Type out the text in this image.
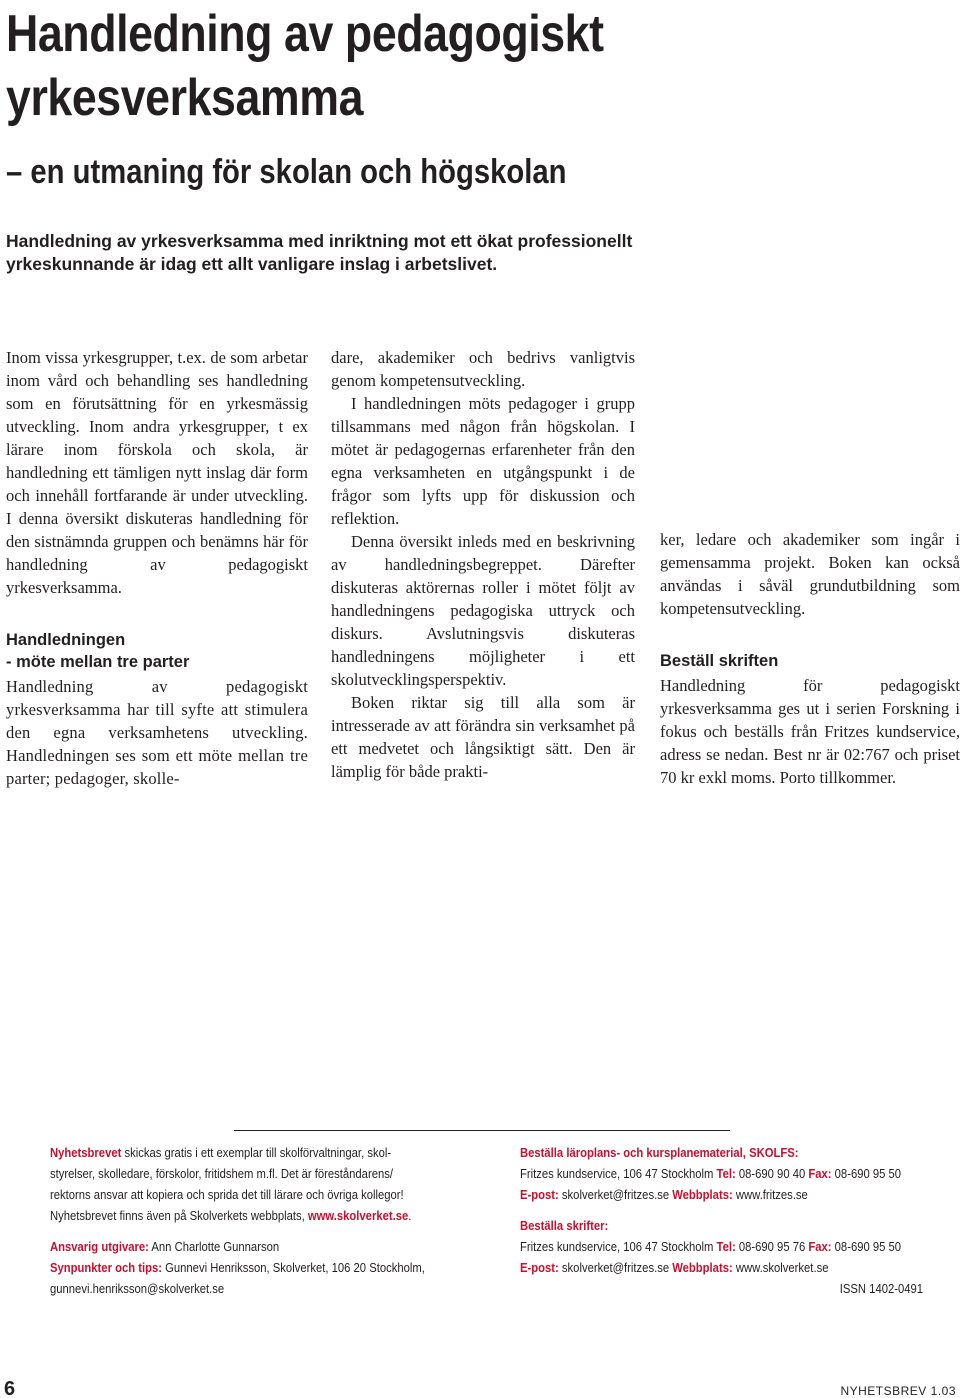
Handledning av pedagogiskt
yrkesverksamma
– en utmaning för skolan och högskolan
Handledning av yrkesverksamma med inriktning mot ett ökat professionellt yrkeskunnande är idag ett allt vanligare inslag i arbetslivet.

Inom vissa yrkesgrupper, t.ex. de som arbetar inom vård och behandling ses handledning som en förutsättning för en yrkesmässig utveckling. Inom andra yrkesgrupper, t ex lärare inom förskola och skola, är handledning ett tämligen nytt inslag där form och innehåll fortfarande är under utveckling. I denna översikt diskuteras handledning för den sistnämnda gruppen och benämns här för handledning av pedagogiskt yrkesverksamma.

Handledningen
- möte mellan tre parter

Handledning av pedagogiskt yrkesverksamma har till syfte att stimulera den egna verksamhetens utveckling. Handledningen ses som ett möte mellan tre parter; pedagoger, skolle-

dare, akademiker och bedrivs vanligtvis genom kompetensutveckling.

I handledningen möts pedagoger i grupp tillsammans med någon från högskolan. I mötet är pedagogernas erfarenheter från den egna verksamheten en utgångspunkt i de frågor som lyfts upp för diskussion och reflektion.

Denna översikt inleds med en beskrivning av handledningsbegreppet. Därefter diskuteras aktörernas roller i mötet följt av handledningens pedagogiska uttryck och diskurs. Avslutningsvis diskuteras handledningens möjligheter i ett skolutvecklingsperspektiv.

Boken riktar sig till alla som är intresserade av att förändra sin verksamhet på ett medvetet och långsiktigt sätt. Den är lämplig för både prakti-

ker, ledare och akademiker som ingår i gemensamma projekt. Boken kan också användas i såväl grundutbildning som kompetensutveckling.

Beställ skriften

Handledning för pedagogiskt yrkesverksamma ges ut i serien Forskning i fokus och beställs från Fritzes kundservice, adress se nedan. Best nr är 02:767 och priset 70 kr exkl moms. Porto tillkommer.

Nyhetsbrevet skickas gratis i ett exemplar till skolförvaltningar, skol-
styrelser, skolledare, förskolor, fritidshem m.fl. Det är föreståndarens/
rektorns ansvar att kopiera och sprida det till lärare och övriga kollegor!
Nyhetsbrevet finns även på Skolverkets webbplats, www.skolverket.se.
Ansvarig utgivare: Ann Charlotte Gunnarson
Synpunkter och tips: Gunnevi Henriksson, Skolverket, 106 20 Stockholm,
gunnevi.henriksson@skolverket.se
Beställa läroplans- och kursplanematerial, SKOLFS:
Fritzes kundservice, 106 47 Stockholm Tel: 08-690 90 40 Fax: 08-690 95 50
E-post: skolverket@fritzes.se Webbplats: www.fritzes.se
Beställa skrifter:
Fritzes kundservice, 106 47 Stockholm Tel: 08-690 95 76 Fax: 08-690 95 50
E-post: skolverket@fritzes.se Webbplats: www.skolverket.se
ISSN 1402-0491
6	NYHETSBREV 1.03
